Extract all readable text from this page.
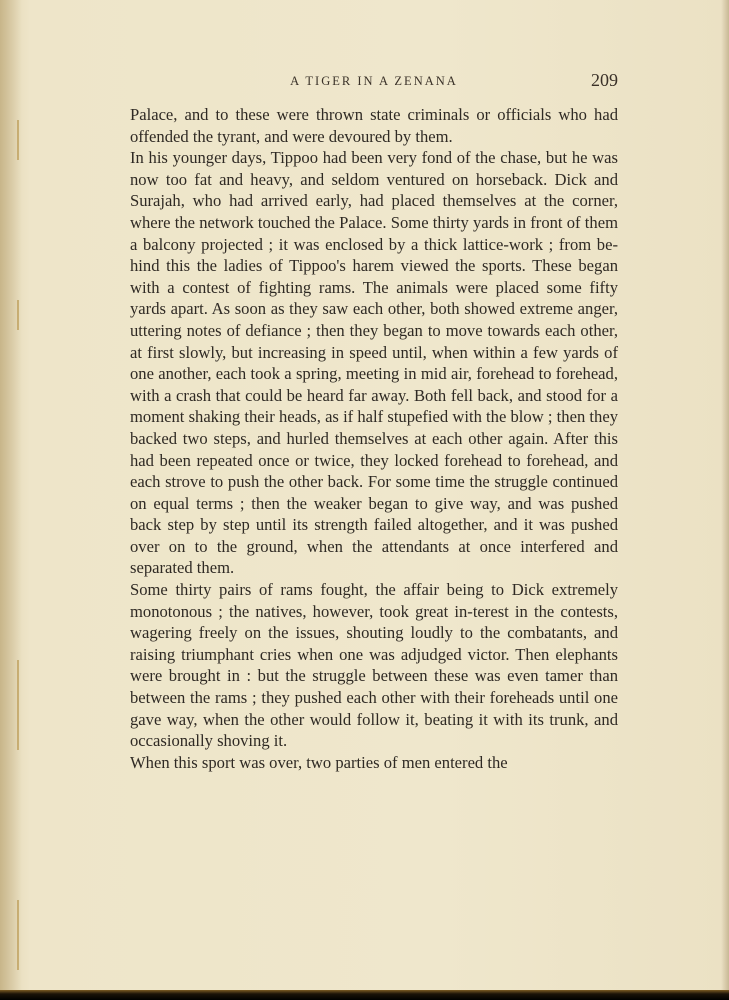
A TIGER IN A ZENANA	209

Palace, and to these were thrown state criminals or officials who had offended the tyrant, and were devoured by them.

In his younger days, Tippoo had been very fond of the chase, but he was now too fat and heavy, and seldom ventured on horseback. Dick and Surajah, who had arrived early, had placed themselves at the corner, where the network touched the Palace. Some thirty yards in front of them a balcony projected ; it was enclosed by a thick lattice-work ; from be-hind this the ladies of Tippoo's harem viewed the sports. These began with a contest of fighting rams. The animals were placed some fifty yards apart. As soon as they saw each other, both showed extreme anger, uttering notes of defiance ; then they began to move towards each other, at first slowly, but increasing in speed until, when within a few yards of one another, each took a spring, meeting in mid air, forehead to forehead, with a crash that could be heard far away. Both fell back, and stood for a moment shaking their heads, as if half stupefied with the blow ; then they backed two steps, and hurled themselves at each other again. After this had been repeated once or twice, they locked forehead to forehead, and each strove to push the other back. For some time the struggle continued on equal terms ; then the weaker began to give way, and was pushed back step by step until its strength failed altogether, and it was pushed over on to the ground, when the attendants at once interfered and separated them.

Some thirty pairs of rams fought, the affair being to Dick extremely monotonous ; the natives, however, took great in-terest in the contests, wagering freely on the issues, shouting loudly to the combatants, and raising triumphant cries when one was adjudged victor. Then elephants were brought in : but the struggle between these was even tamer than between the rams ; they pushed each other with their foreheads until one gave way, when the other would follow it, beating it with its trunk, and occasionally shoving it.

When this sport was over, two parties of men entered the
